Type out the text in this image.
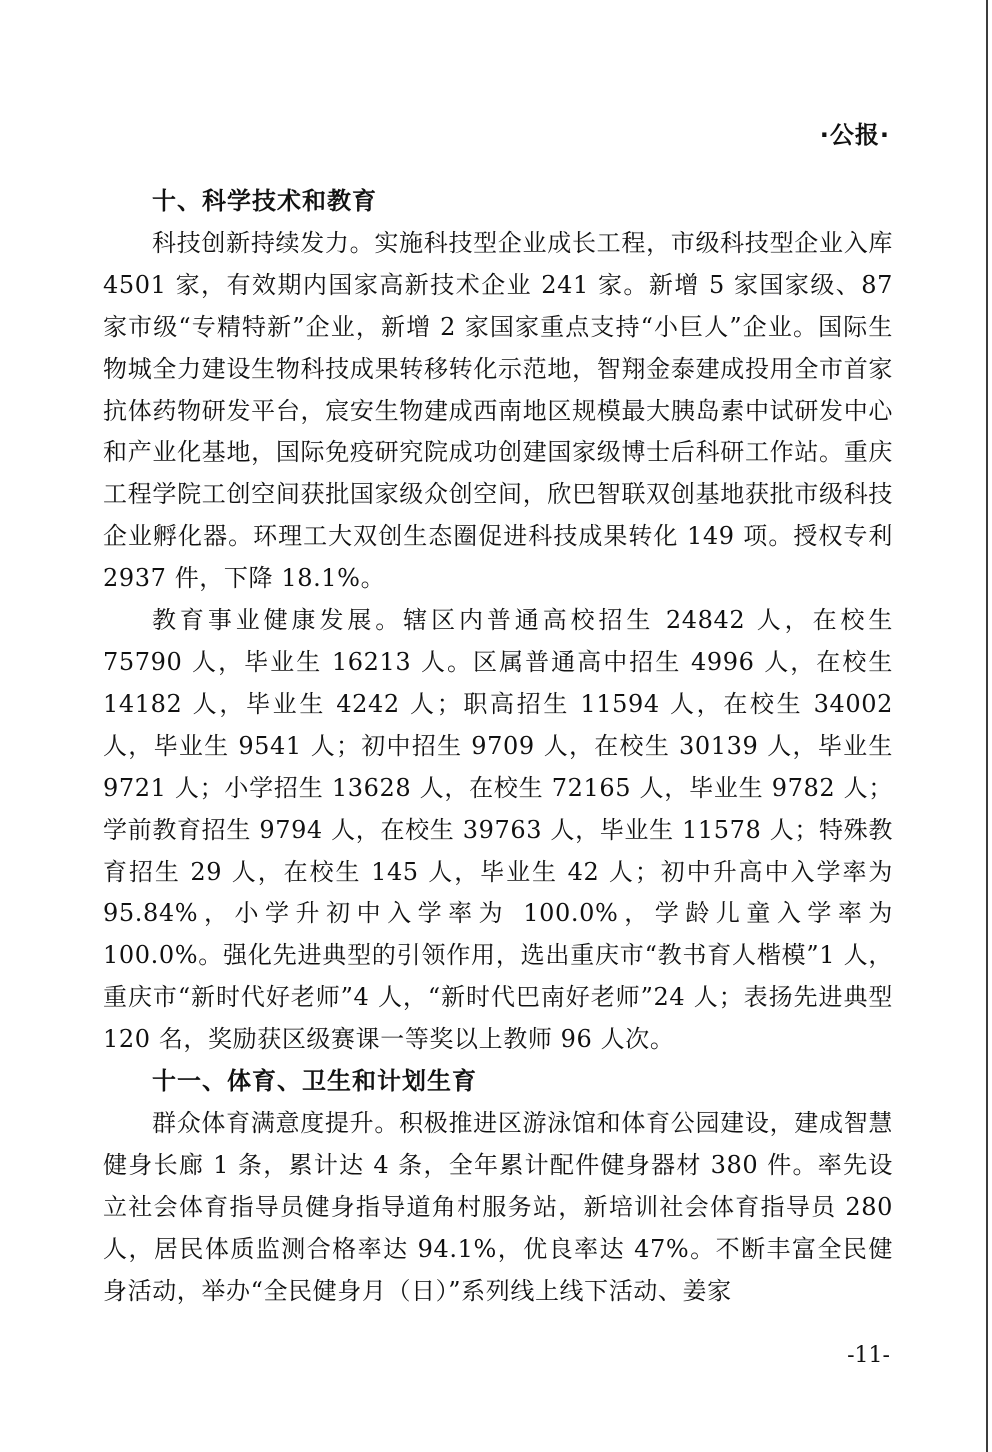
·公报·
十、科学技术和教育

科技创新持续发力。实施科技型企业成长工程，市级科技型企业入库 4501 家，有效期内国家高新技术企业 241 家。新增 5 家国家级、87 家市级“专精特新”企业，新增 2 家国家重点支持“小巨人”企业。国际生物城全力建设生物科技成果转移转化示范地，智翔金泰建成投用全市首家抗体药物研发平台，宸安生物建成西南地区规模最大胰岛素中试研发中心和产业化基地，国际免疫研究院成功创建国家级博士后科研工作站。重庆工程学院工创空间获批国家级众创空间，欣巴智联双创基地获批市级科技企业孵化器。环理工大双创生态圈促进科技成果转化 149 项。授权专利 2937 件，下降 18.1%。

教育事业健康发展。辖区内普通高校招生 24842 人，在校生 75790 人，毕业生 16213 人。区属普通高中招生 4996 人，在校生 14182 人，毕业生 4242 人；职高招生 11594 人，在校生 34002 人，毕业生 9541 人；初中招生 9709 人，在校生 30139 人，毕业生 9721 人；小学招生 13628 人，在校生 72165 人，毕业生 9782 人；学前教育招生 9794 人，在校生 39763 人，毕业生 11578 人；特殊教育招生 29 人，在校生 145 人，毕业生 42 人；初中升高中入学率为 95.84%，小学升初中入学率为 100.0%，学龄儿童入学率为 100.0%。强化先进典型的引领作用，选出重庆市“教书育人楷模”1 人，重庆市“新时代好老师”4 人，“新时代巴南好老师”24 人；表扬先进典型 120 名，奖励获区级赛课一等奖以上教师 96 人次。

十一、体育、卫生和计划生育

群众体育满意度提升。积极推进区游泳馆和体育公园建设，建成智慧健身长廊 1 条，累计达 4 条，全年累计配件健身器材 380 件。率先设立社会体育指导员健身指导道角村服务站，新培训社会体育指导员 280 人，居民体质监测合格率达 94.1%，优良率达 47%。不断丰富全民健身活动，举办“全民健身月（日）”系列线上线下活动、姜家

-11-
